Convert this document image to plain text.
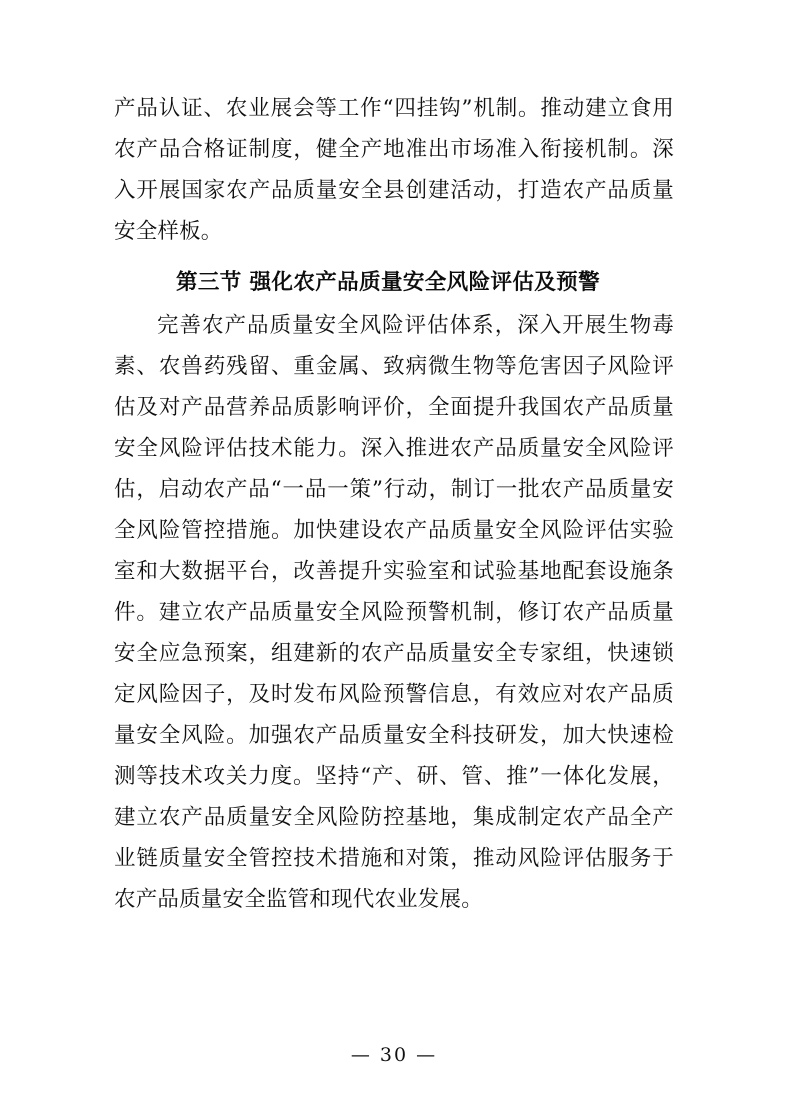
产品认证、农业展会等工作“四挂钩”机制。推动建立食用农产品合格证制度，健全产地准出市场准入衔接机制。深入开展国家农产品质量安全县创建活动，打造农产品质量安全样板。

第三节 强化农产品质量安全风险评估及预警

完善农产品质量安全风险评估体系，深入开展生物毒素、农兽药残留、重金属、致病微生物等危害因子风险评估及对产品营养品质影响评价，全面提升我国农产品质量安全风险评估技术能力。深入推进农产品质量安全风险评估，启动农产品“一品一策”行动，制订一批农产品质量安全风险管控措施。加快建设农产品质量安全风险评估实验室和大数据平台，改善提升实验室和试验基地配套设施条件。建立农产品质量安全风险预警机制，修订农产品质量安全应急预案，组建新的农产品质量安全专家组，快速锁定风险因子，及时发布风险预警信息，有效应对农产品质量安全风险。加强农产品质量安全科技研发，加大快速检测等技术攻关力度。坚持“产、研、管、推”一体化发展，建立农产品质量安全风险防控基地，集成制定农产品全产业链质量安全管控技术措施和对策，推动风险评估服务于农产品质量安全监管和现代农业发展。

— 30 —
